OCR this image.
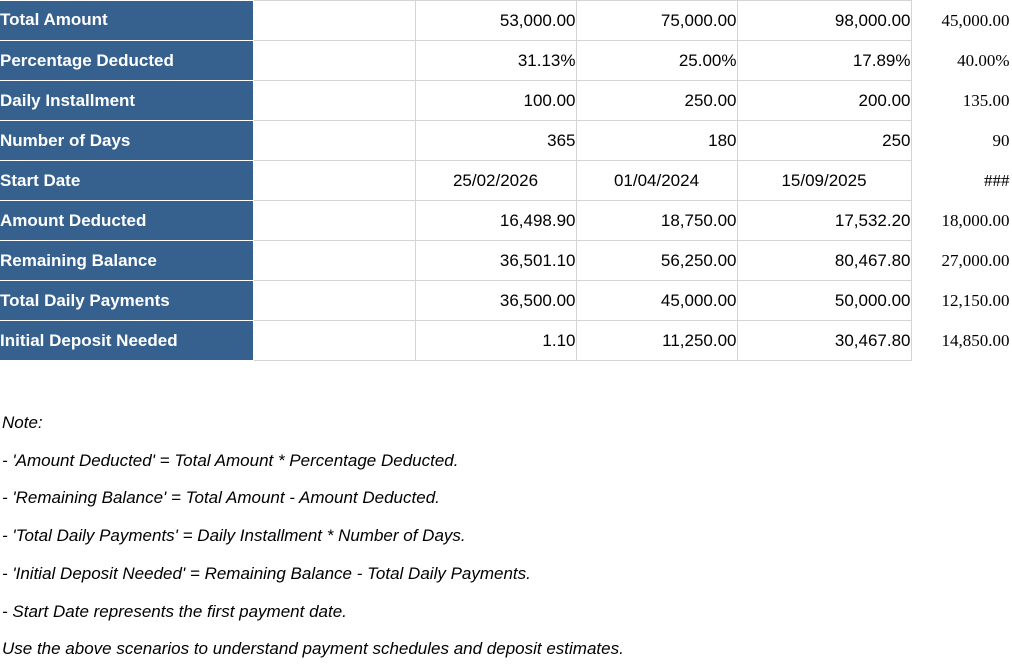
Total Amount		53,000.00	75,000.00	98,000.00	45,000.00
Percentage Deducted		31.13%	25.00%	17.89%	40.00%
Daily Installment		100.00	250.00	200.00	135.00
Number of Days		365	180	250	90
Start Date		25/02/2026	01/04/2024	15/09/2025	###
Amount Deducted		16,498.90	18,750.00	17,532.20	18,000.00
Remaining Balance		36,501.10	56,250.00	80,467.80	27,000.00
Total Daily Payments		36,500.00	45,000.00	50,000.00	12,150.00
Initial Deposit Needed		1.10	11,250.00	30,467.80	14,850.00
Note:
- 'Amount Deducted' = Total Amount * Percentage Deducted.
- 'Remaining Balance' = Total Amount - Amount Deducted.
- 'Total Daily Payments' = Daily Installment * Number of Days.
- 'Initial Deposit Needed' = Remaining Balance - Total Daily Payments.
- Start Date represents the first payment date.
Use the above scenarios to understand payment schedules and deposit estimates.
